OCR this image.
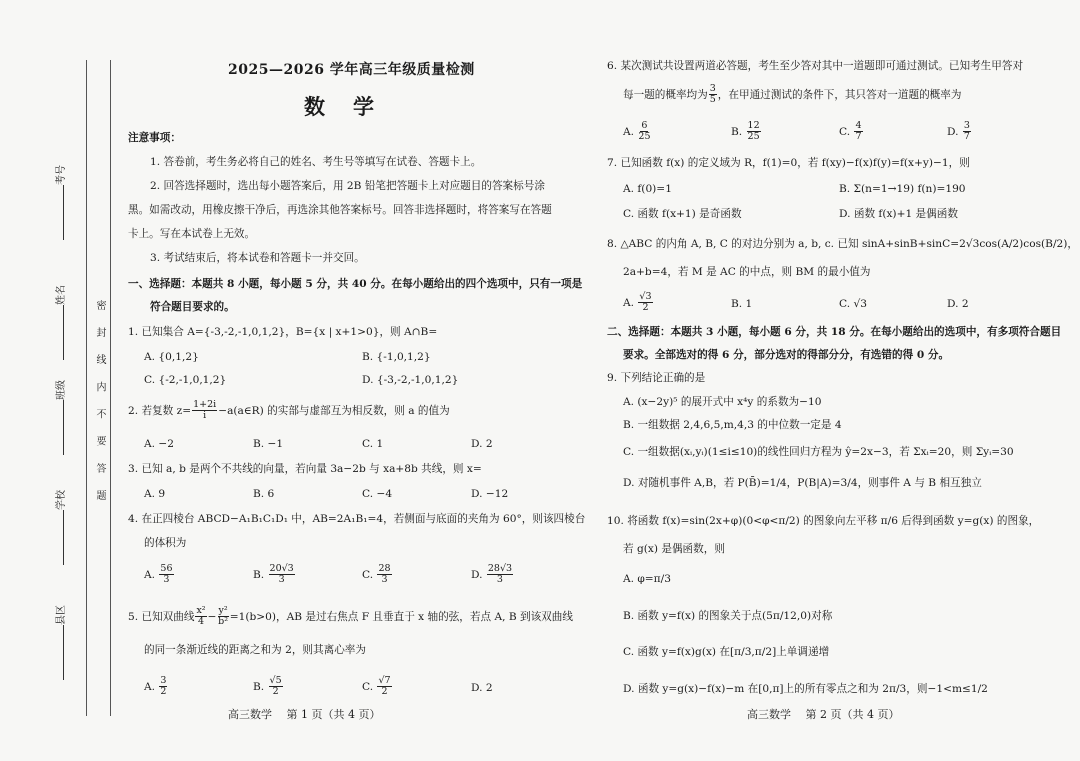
考号
姓名
班级
学校
县区
密 封 线 内 不 要 答 题
2025—2026 学年高三年级质量检测
数学
注意事项：
1. 答卷前，考生务必将自己的姓名、考生号等填写在试卷、答题卡上。
2. 回答选择题时，选出每小题答案后，用 2B 铅笔把答题卡上对应题目的答案标号涂
黑。如需改动，用橡皮擦干净后，再选涂其他答案标号。回答非选择题时，将答案写在答题
卡上。写在本试卷上无效。
3. 考试结束后，将本试卷和答题卡一并交回。
一、选择题：本题共 8 小题，每小题 5 分，共 40 分。在每小题给出的四个选项中，只有一项是
符合题目要求的。
1. 已知集合 A={-3,-2,-1,0,1,2}，B={x | x+1>0}，则 A∩B=
A. {0,1,2}	B. {-1,0,1,2}
C. {-2,-1,0,1,2}	D. {-3,-2,-1,0,1,2}
2. 若复数 $z= \frac{1+2i}{i}$ −a(a∈R) 的实部与虚部互为相反数，则 a 的值为
A. −2	B. −1	C. 1	D. 2
3. 已知 a, b 是两个不共线的向量，若向量 3a−2b 与 xa+8b 共线，则 x=
A. 9	B. 6	C. −4	D. −12
4. 在正四棱台 ABCD−A₁B₁C₁D₁ 中，AB=2A₁B₁=4，若侧面与底面的夹角为 60°，则该四棱台
的体积为
A. $\frac{56}{3}$	B. $\frac{20√3}{3}$	C. $\frac{28}{3}$	D. $\frac{28√3}{3}$
5. 已知双曲线 $\frac{\text{x²}}{4} - \frac{\text{y²}}{\text{b²}} =1(b>0)$，AB 是过右焦点 F 且垂直于 x 轴的弦，若点 A, B 到该双曲线
的同一条渐近线的距离之和为 2，则其离心率为
A. $\frac{3}{2}$	B. $\frac{√5}{2}$	C. $\frac{√7}{2}$	D. 2
高三数学　 第 1 页（共 4 页）
6. 某次测试共设置两道必答题，考生至少答对其中一道题即可通过测试。已知考生甲答对
每一题的概率均为 $\frac{3}{5}$ ，在甲通过测试的条件下，其只答对一道题的概率为
A. $\frac{6}{25}$	B. $\frac{12}{25}$	C. $\frac{4}{7}$	D. $\frac{3}{7}$
7. 已知函数 f(x) 的定义域为 R，f(1)=0，若 f(xy)−f(x)f(y)=f(x+y)−1，则
A. f(0)=1	B. Σ(n=1→19) f(n)=190
C. 函数 f(x+1) 是奇函数	D. 函数 f(x)+1 是偶函数
8. △ABC 的内角 A, B, C 的对边分别为 a, b, c. 已知 sinA+sinB+sinC=2√3cos(A/2)cos(B/2)，
2a+b=4，若 M 是 AC 的中点，则 BM 的最小值为
A. $\frac{√3}{2}$	B. 1	C. √3	D. 2
二、选择题：本题共 3 小题，每小题 6 分，共 18 分。在每小题给出的选项中，有多项符合题目
要求。全部选对的得 6 分，部分选对的得部分分，有选错的得 0 分。
9. 下列结论正确的是
A. (x−2y)⁵ 的展开式中 x⁴y 的系数为−10
B. 一组数据 2,4,6,5,m,4,3 的中位数一定是 4
C. 一组数据(xᵢ,yᵢ)(1≤i≤10)的线性回归方程为 ŷ=2x−3，若 Σxᵢ=20，则 Σyᵢ=30
D. 对随机事件 A,B，若 P(B̄)=1/4，P(B|A)=3/4，则事件 A 与 B 相互独立
10. 将函数 f(x)=sin(2x+φ)(0<φ<π/2) 的图象向左平移 π/6 后得到函数 y=g(x) 的图象，
若 g(x) 是偶函数，则
A. φ=π/3
B. 函数 y=f(x) 的图象关于点(5π/12,0)对称
C. 函数 y=f(x)g(x) 在[π/3,π/2]上单调递增
D. 函数 y=g(x)−f(x)−m 在[0,π]上的所有零点之和为 2π/3，则−1<m≤1/2
高三数学　 第 2 页（共 4 页）
